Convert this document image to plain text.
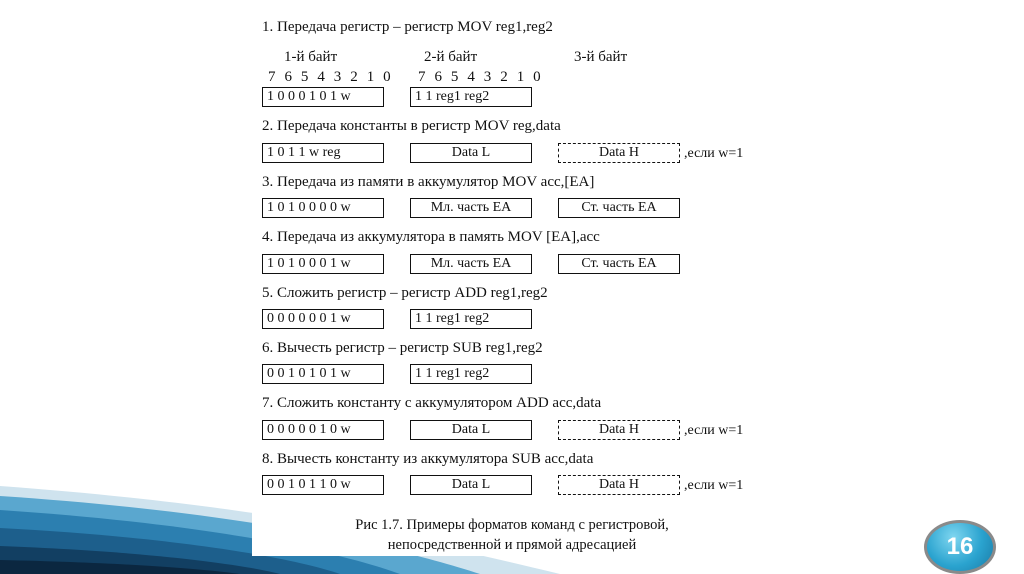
1. Передача регистр – регистр MOV reg1,reg2
1-й байт	2-й байт	3-й байт
7 6 5 4 3 2 1 0 7 6 5 4 3 2 1 0
1 0 0 0 1 0 1 w	1 1 reg1 reg2
2. Передача константы в регистр MOV reg,data
1 0 1 1 w reg	Data L	Data H	,если w=1
3. Передача из памяти в аккумулятор MOV acc,[EA]
1 0 1 0 0 0 0 w	Мл. часть ЕА	Ст. часть ЕА
4. Передача из аккумулятора в память MOV [EA],acc
1 0 1 0 0 0 1 w	Мл. часть ЕА	Ст. часть ЕА
5. Сложить регистр – регистр ADD reg1,reg2
0 0 0 0 0 0 1 w	1 1 reg1 reg2
6. Вычесть регистр – регистр SUB reg1,reg2
0 0 1 0 1 0 1 w	1 1 reg1 reg2
7. Сложить константу с аккумулятором ADD acc,data
0 0 0 0 0 1 0 w	Data L	Data H	,если w=1
8. Вычесть константу из аккумулятора SUB acc,data
0 0 1 0 1 1 0 w	Data L	Data H	,если w=1
Рис 1.7. Примеры форматов команд с регистровой,
непосредственной и прямой адресацией	16
